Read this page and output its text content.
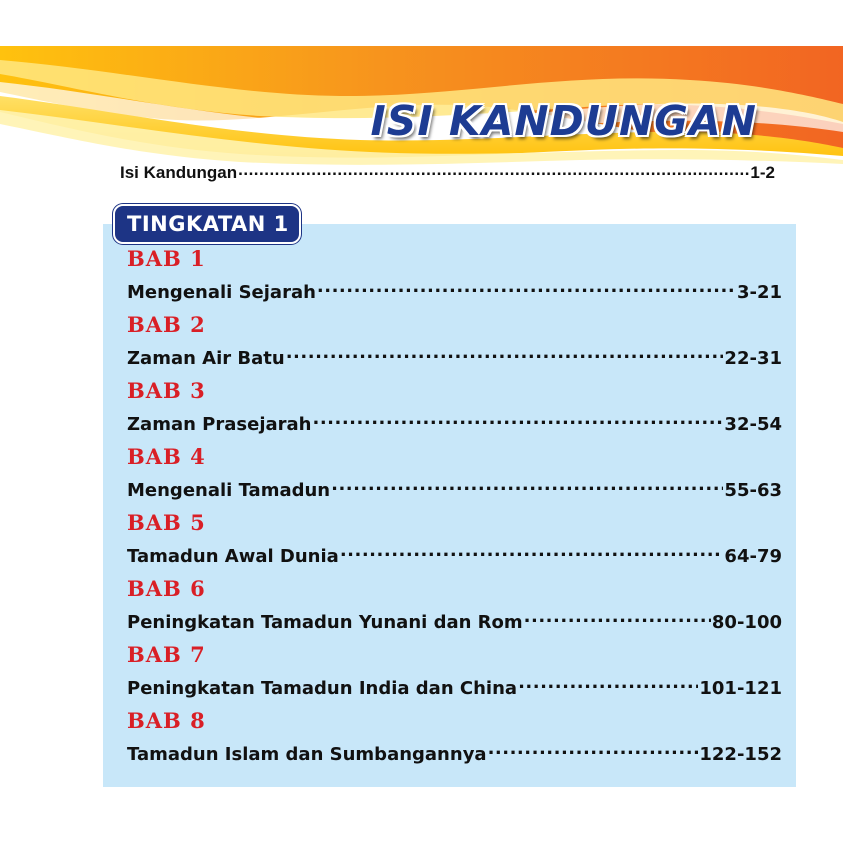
ISI KANDUNGAN
Isi Kandungan .....	1-2
TINGKATAN 1
BAB 1
Mengenali Sejarah .....	3-21
BAB 2
Zaman Air Batu .....	22-31
BAB 3
Zaman Prasejarah .....	32-54
BAB 4
Mengenali Tamadun .....	55-63
BAB 5
Tamadun Awal Dunia .....	64-79
BAB 6
Peningkatan Tamadun Yunani dan Rom .....	80-100
BAB 7
Peningkatan Tamadun India dan China .....	101-121
BAB 8
Tamadun Islam dan Sumbangannya .....	122-152
